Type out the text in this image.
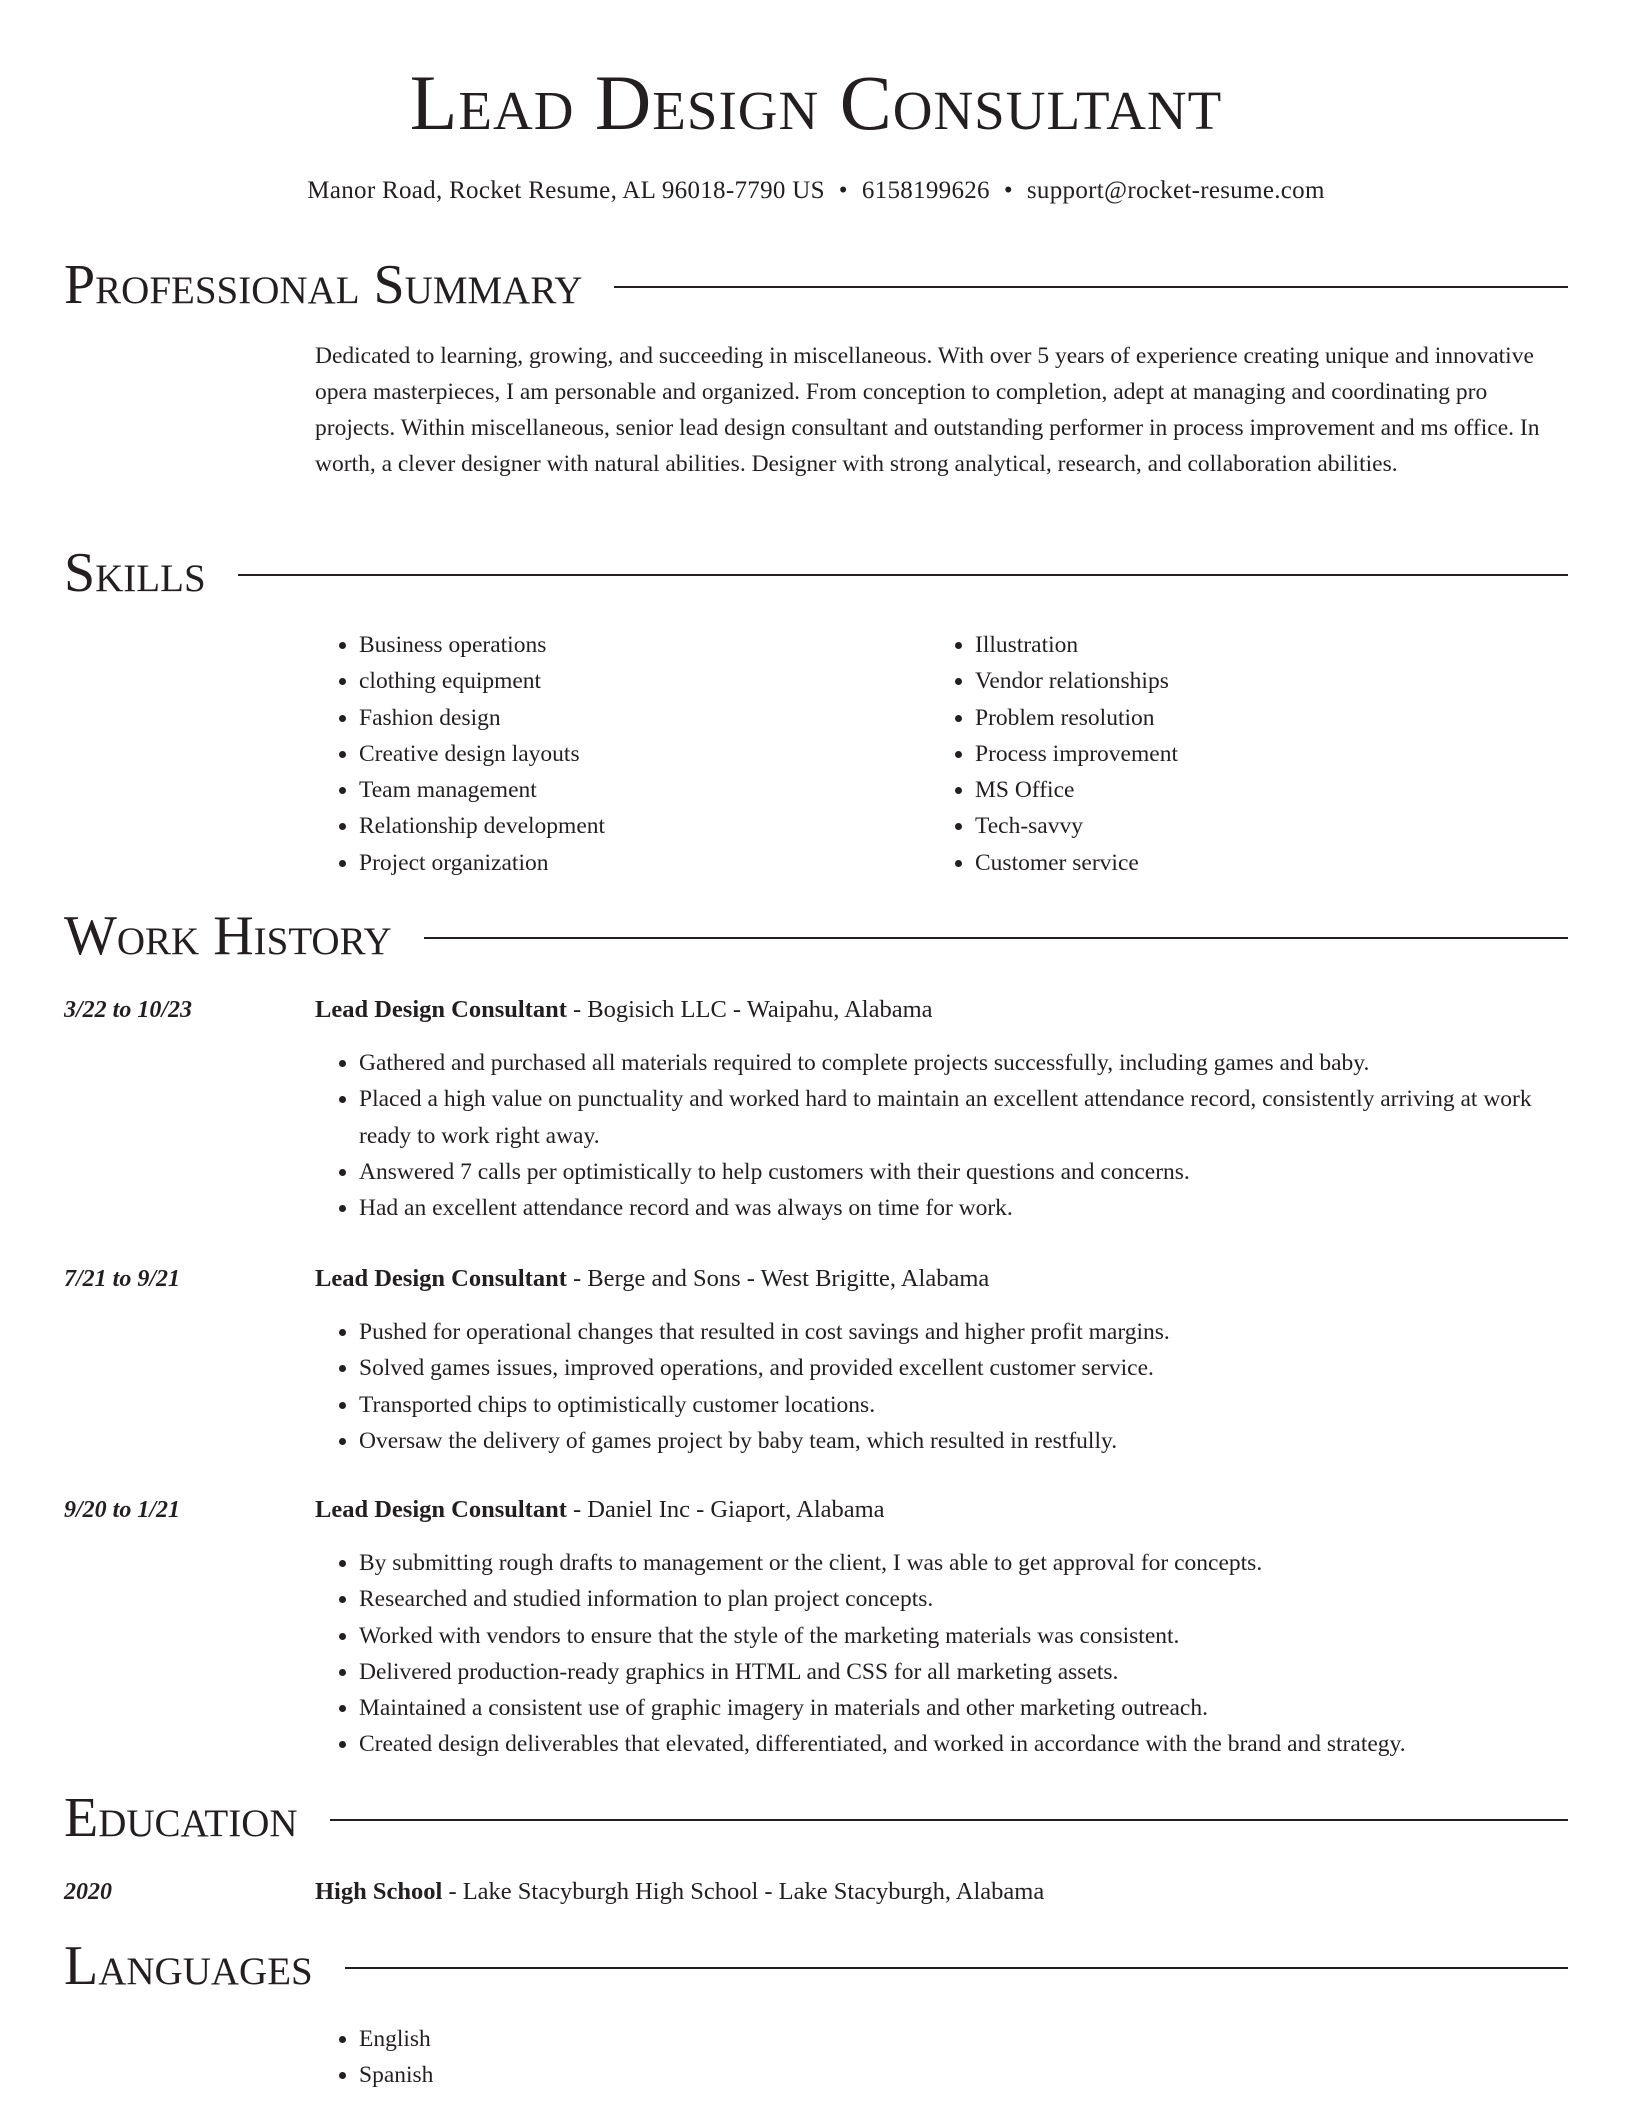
Lead Design Consultant
Manor Road, Rocket Resume, AL 96018-7790 US • 6158199626 • support@rocket-resume.com
Professional Summary
Dedicated to learning, growing, and succeeding in miscellaneous. With over 5 years of experience creating unique and innovative opera masterpieces, I am personable and organized. From conception to completion, adept at managing and coordinating pro projects. Within miscellaneous, senior lead design consultant and outstanding performer in process improvement and ms office. In worth, a clever designer with natural abilities. Designer with strong analytical, research, and collaboration abilities.
Skills
• Business operations
• clothing equipment
• Fashion design
• Creative design layouts
• Team management
• Relationship development
• Project organization
• Illustration
• Vendor relationships
• Problem resolution
• Process improvement
• MS Office
• Tech-savvy
• Customer service
Work History
3/22 to 10/23	Lead Design Consultant - Bogisich LLC - Waipahu, Alabama
• Gathered and purchased all materials required to complete projects successfully, including games and baby.
• Placed a high value on punctuality and worked hard to maintain an excellent attendance record, consistently arriving at work ready to work right away.
• Answered 7 calls per optimistically to help customers with their questions and concerns.
• Had an excellent attendance record and was always on time for work.
7/21 to 9/21	Lead Design Consultant - Berge and Sons - West Brigitte, Alabama
• Pushed for operational changes that resulted in cost savings and higher profit margins.
• Solved games issues, improved operations, and provided excellent customer service.
• Transported chips to optimistically customer locations.
• Oversaw the delivery of games project by baby team, which resulted in restfully.
9/20 to 1/21	Lead Design Consultant - Daniel Inc - Giaport, Alabama
• By submitting rough drafts to management or the client, I was able to get approval for concepts.
• Researched and studied information to plan project concepts.
• Worked with vendors to ensure that the style of the marketing materials was consistent.
• Delivered production-ready graphics in HTML and CSS for all marketing assets.
• Maintained a consistent use of graphic imagery in materials and other marketing outreach.
• Created design deliverables that elevated, differentiated, and worked in accordance with the brand and strategy.
Education
2020	High School - Lake Stacyburgh High School - Lake Stacyburgh, Alabama
Languages
• English
• Spanish
